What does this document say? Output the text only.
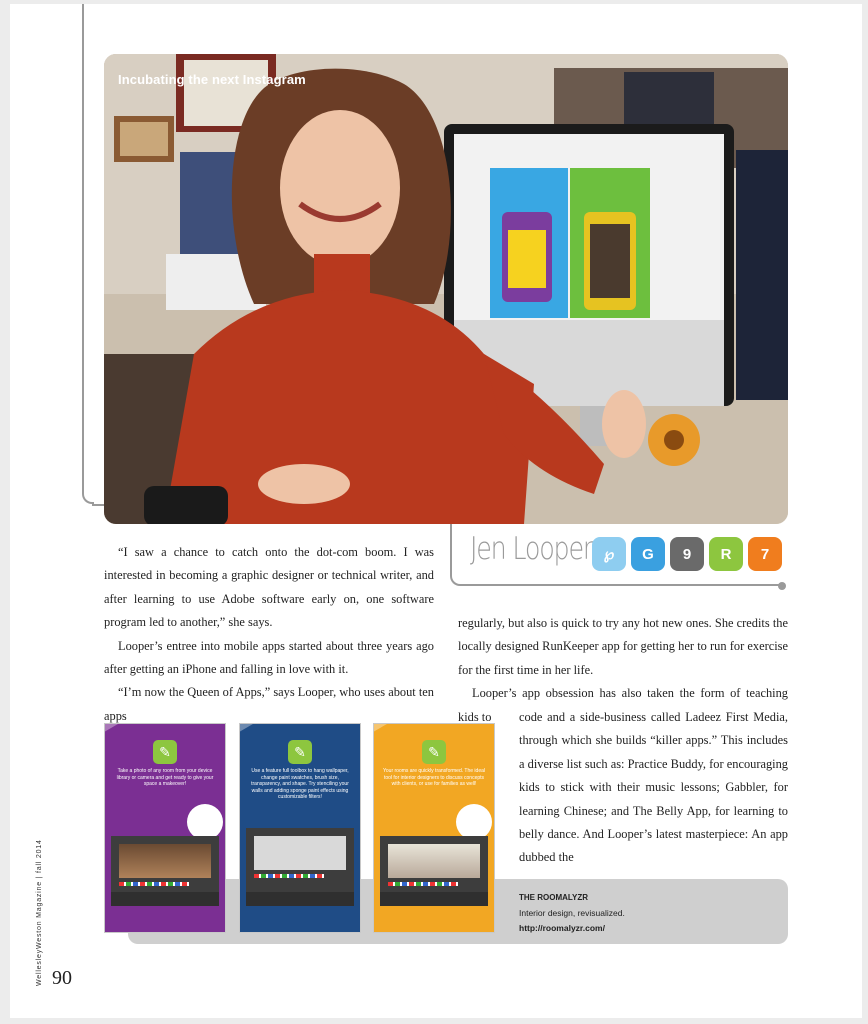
Incubating the next Instagram
Jen Looper ℘ G 9 R 7

“I saw a chance to catch onto the dot-com boom. I was interested in becoming a graphic designer or technical writer, and after learning to use Adobe software early on, one software program led to another,” she says.

Looper’s entree into mobile apps started about three years ago after getting an iPhone and falling in love with it.

“I’m now the Queen of Apps,” says Looper, who uses about ten apps

regularly, but also is quick to try any hot new ones. She credits the locally designed RunKeeper app for getting her to run for exercise for the first time in her life.

Looper’s app obsession has also taken the form of teaching kids to	code and a side-business called Ladeez First Media, through which she builds “killer apps.” This includes a diverse list such as: Practice Buddy, for encouraging kids to stick with their music lessons; Gabbler, for learning Chinese; and The Belly App, for learning to belly dance. And Looper’s latest masterpiece: An app dubbed the

✎
Take a photo of any room from your device library or camera and get ready to give your space a makeover!
✎
Use a feature full toolbox to hang wallpaper, change paint swatches, brush size, transparency, and shape. Try stenciling your walls and adding sponge paint effects using customizable filters!
✎
Your rooms are quickly transformed. The ideal tool for interior designers to discuss concepts with clients, or use for families as well!
THE ROOMALYZR
Interior design, revisualized.
http://roomalyzr.com/
WellesleyWeston Magazine | fall 2014 90
